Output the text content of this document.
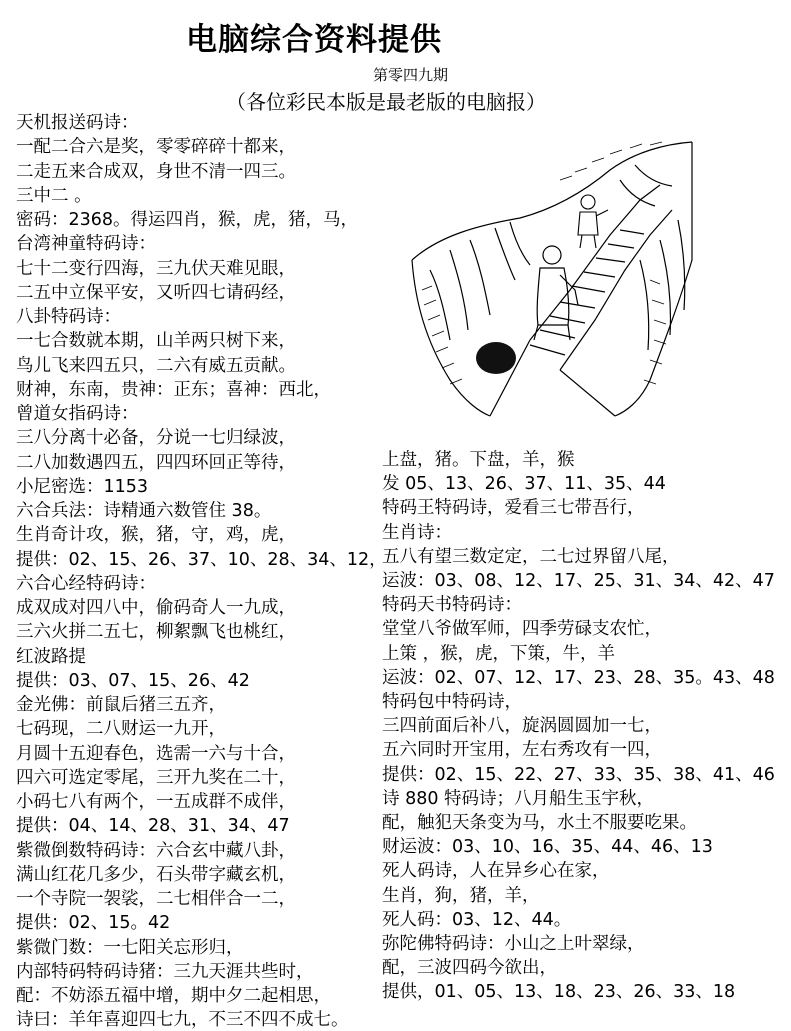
电脑综合资料提供
第零四九期
（各位彩民本版是最老版的电脑报）
天机报送码诗：
一配二合六是奖，零零碎碎十都来，
二走五来合成双，身世不清一四三。
三中二 。
密码：2368。得运四肖，猴，虎，猪，马，
台湾神童特码诗：
七十二变行四海，三九伏天难见眼，
二五中立保平安，又听四七请码经，
八卦特码诗：
一七合数就本期，山羊两只树下来，
鸟儿飞来四五只，二六有威五贡献。
财神，东南，贵神：正东；喜神：西北，
曾道女指码诗：
三八分离十必备，分说一七归绿波，
二八加数遇四五，四四环回正等待，
小尼密选：1153
六合兵法：诗精通六数管住 38。
生肖奇计攻，猴，猪，守，鸡，虎，
提供：02、15、26、37、10、28、34、12，
六合心经特码诗：
成双成对四八中，偷码奇人一九成，
三六火拼二五七，柳絮飘飞也桃红，
红波路提
提供：03、07、15、26、42
金光佛：前鼠后猪三五齐，
七码现，二八财运一九开，
月圆十五迎春色，选需一六与十合，
四六可选定零尾，三开九奖在二十，
小码七八有两个，一五成群不成伴，
提供：04、14、28、31、34、47
紫微倒数特码诗：六合玄中藏八卦，
满山红花几多少，石头带字藏玄机，
一个寺院一袈裟，二七相伴合一二，
提供：02、15。42
紫微门数：一七阳关忘形归，
内部特码特码诗猪：三九天涯共些时，
配：不妨添五福中增，期中夕二起相思，
诗曰：羊年喜迎四七九，不三不四不成七。
上盘，猪。下盘，羊，猴
发 05、13、26、37、11、35、44
特码王特码诗，爱看三七带吾行，
生肖诗：
五八有望三数定定，二七过界留八尾，
运波：03、08、12、17、25、31、34、42、47
特码天书特码诗：
堂堂八爷做军师，四季劳碌支农忙，
上策 ，猴，虎，下策，牛，羊
运波：02、07、12、17、23、28、35。43、48
特码包中特码诗，
三四前面后补八，旋涡圆圆加一七，
五六同时开宝用，左右秀攻有一四，
提供：02、15、22、27、33、35、38、41、46
诗 880 特码诗；八月船生玉宇秋，
配，触犯天条变为马，水土不服要吃果。
财运波：03、10、16、35、44、46、13
死人码诗，人在异乡心在家，
生肖，狗，猪，羊，
死人码：03、12、44。
弥陀佛特码诗：小山之上叶翠绿，
配，三波四码今欲出，
提供，01、05、13、18、23、26、33、18
